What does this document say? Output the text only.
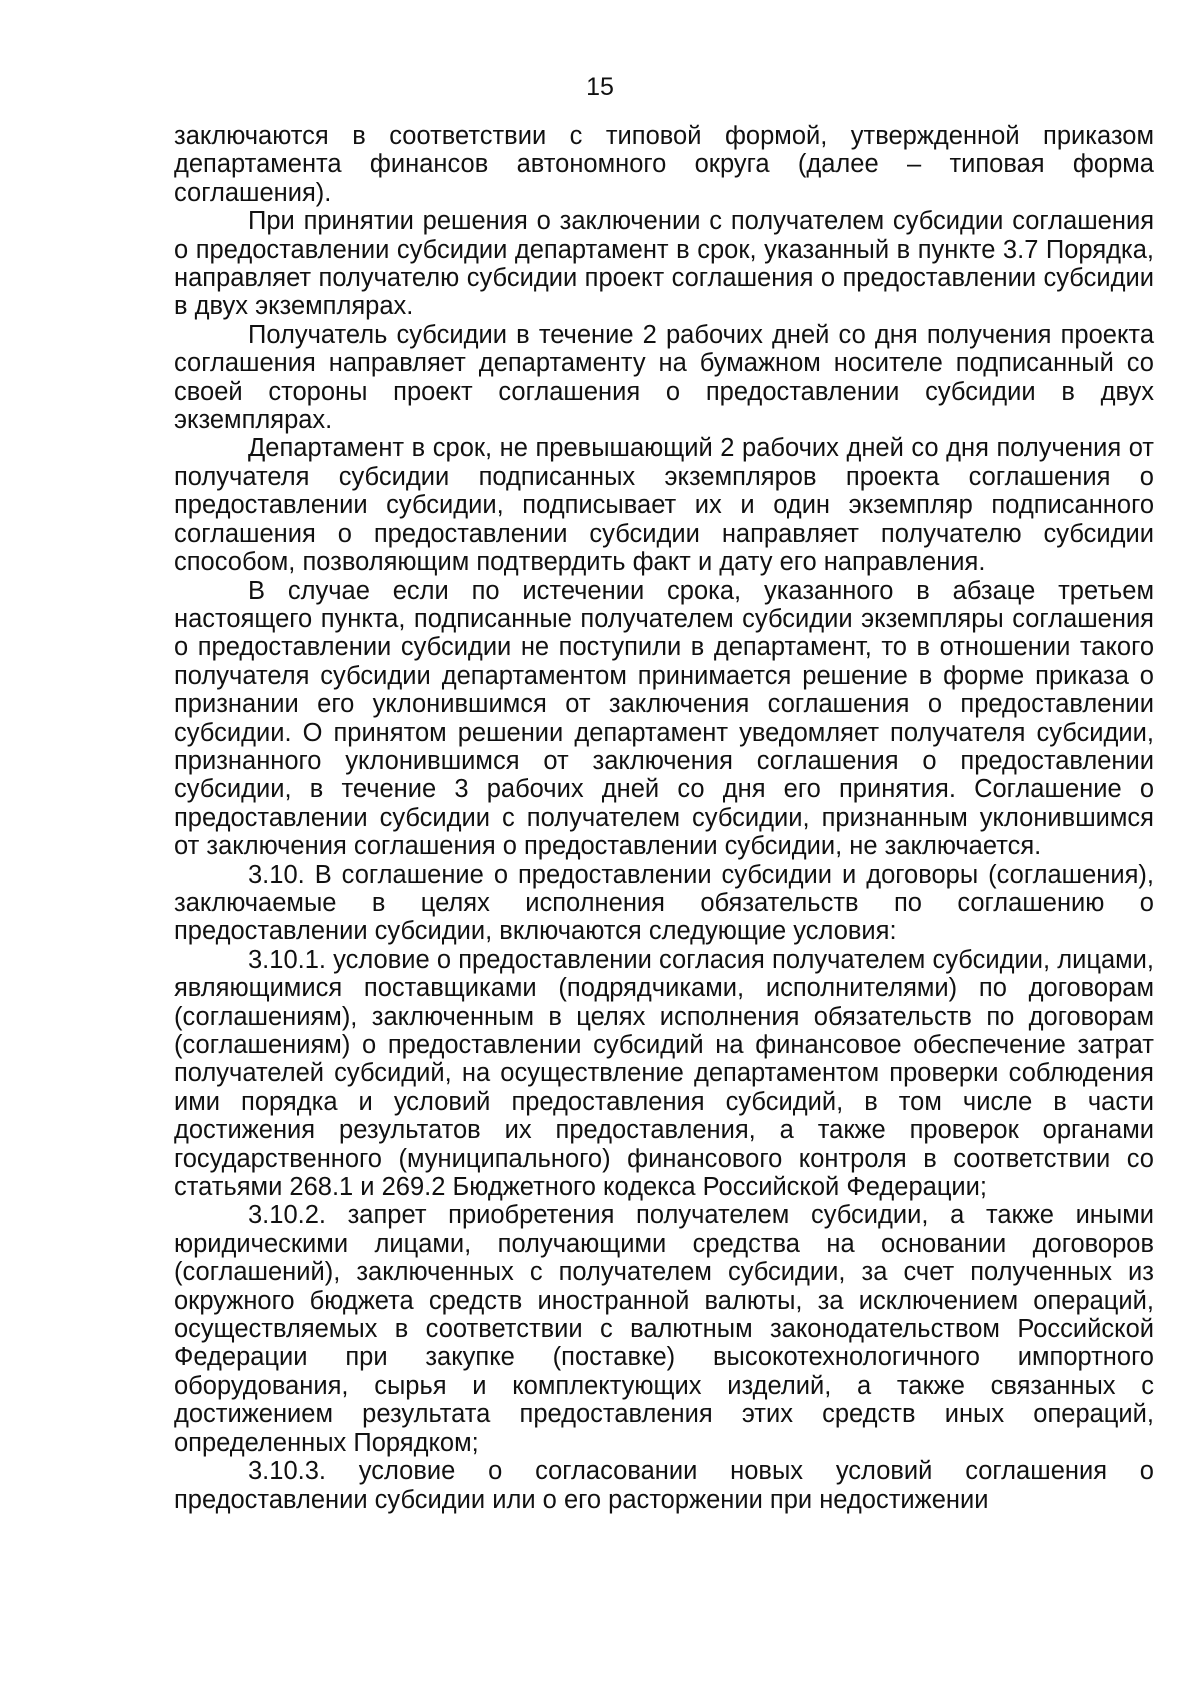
15

заключаются в соответствии с типовой формой, утвержденной приказом департамента финансов автономного округа (далее – типовая форма соглашения).

При принятии решения о заключении с получателем субсидии соглашения о предоставлении субсидии департамент в срок, указанный в пункте 3.7 Порядка, направляет получателю субсидии проект соглашения о предоставлении субсидии в двух экземплярах.

Получатель субсидии в течение 2 рабочих дней со дня получения проекта соглашения направляет департаменту на бумажном носителе подписанный со своей стороны проект соглашения о предоставлении субсидии в двух экземплярах.

Департамент в срок, не превышающий 2 рабочих дней со дня получения от получателя субсидии подписанных экземпляров проекта соглашения о предоставлении субсидии, подписывает их и один экземпляр подписанного соглашения о предоставлении субсидии направляет получателю субсидии способом, позволяющим подтвердить факт и дату его направления.

В случае если по истечении срока, указанного в абзаце третьем настоящего пункта, подписанные получателем субсидии экземпляры соглашения о предоставлении субсидии не поступили в департамент, то в отношении такого получателя субсидии департаментом принимается решение в форме приказа о признании его уклонившимся от заключения соглашения о предоставлении субсидии. О принятом решении департамент уведомляет получателя субсидии, признанного уклонившимся от заключения соглашения о предоставлении субсидии, в течение 3 рабочих дней со дня его принятия. Соглашение о предоставлении субсидии с получателем субсидии, признанным уклонившимся от заключения соглашения о предоставлении субсидии, не заключается.

3.10. В соглашение о предоставлении субсидии и договоры (соглашения), заключаемые в целях исполнения обязательств по соглашению о предоставлении субсидии, включаются следующие условия:

3.10.1. условие о предоставлении согласия получателем субсидии, лицами, являющимися поставщиками (подрядчиками, исполнителями) по договорам (соглашениям), заключенным в целях исполнения обязательств по договорам (соглашениям) о предоставлении субсидий на финансовое обеспечение затрат получателей субсидий, на осуществление департаментом проверки соблюдения ими порядка и условий предоставления субсидий, в том числе в части достижения результатов их предоставления, а также проверок органами государственного (муниципального) финансового контроля в соответствии со статьями 268.1 и 269.2 Бюджетного кодекса Российской Федерации;

3.10.2. запрет приобретения получателем субсидии, а также иными юридическими лицами, получающими средства на основании договоров (соглашений), заключенных с получателем субсидии, за счет полученных из окружного бюджета средств иностранной валюты, за исключением операций, осуществляемых в соответствии с валютным законодательством Российской Федерации при закупке (поставке) высокотехнологичного импортного оборудования, сырья и комплектующих изделий, а также связанных с достижением результата предоставления этих средств иных операций, определенных Порядком;

3.10.3. условие о согласовании новых условий соглашения о предоставлении субсидии или о его расторжении при недостижении
